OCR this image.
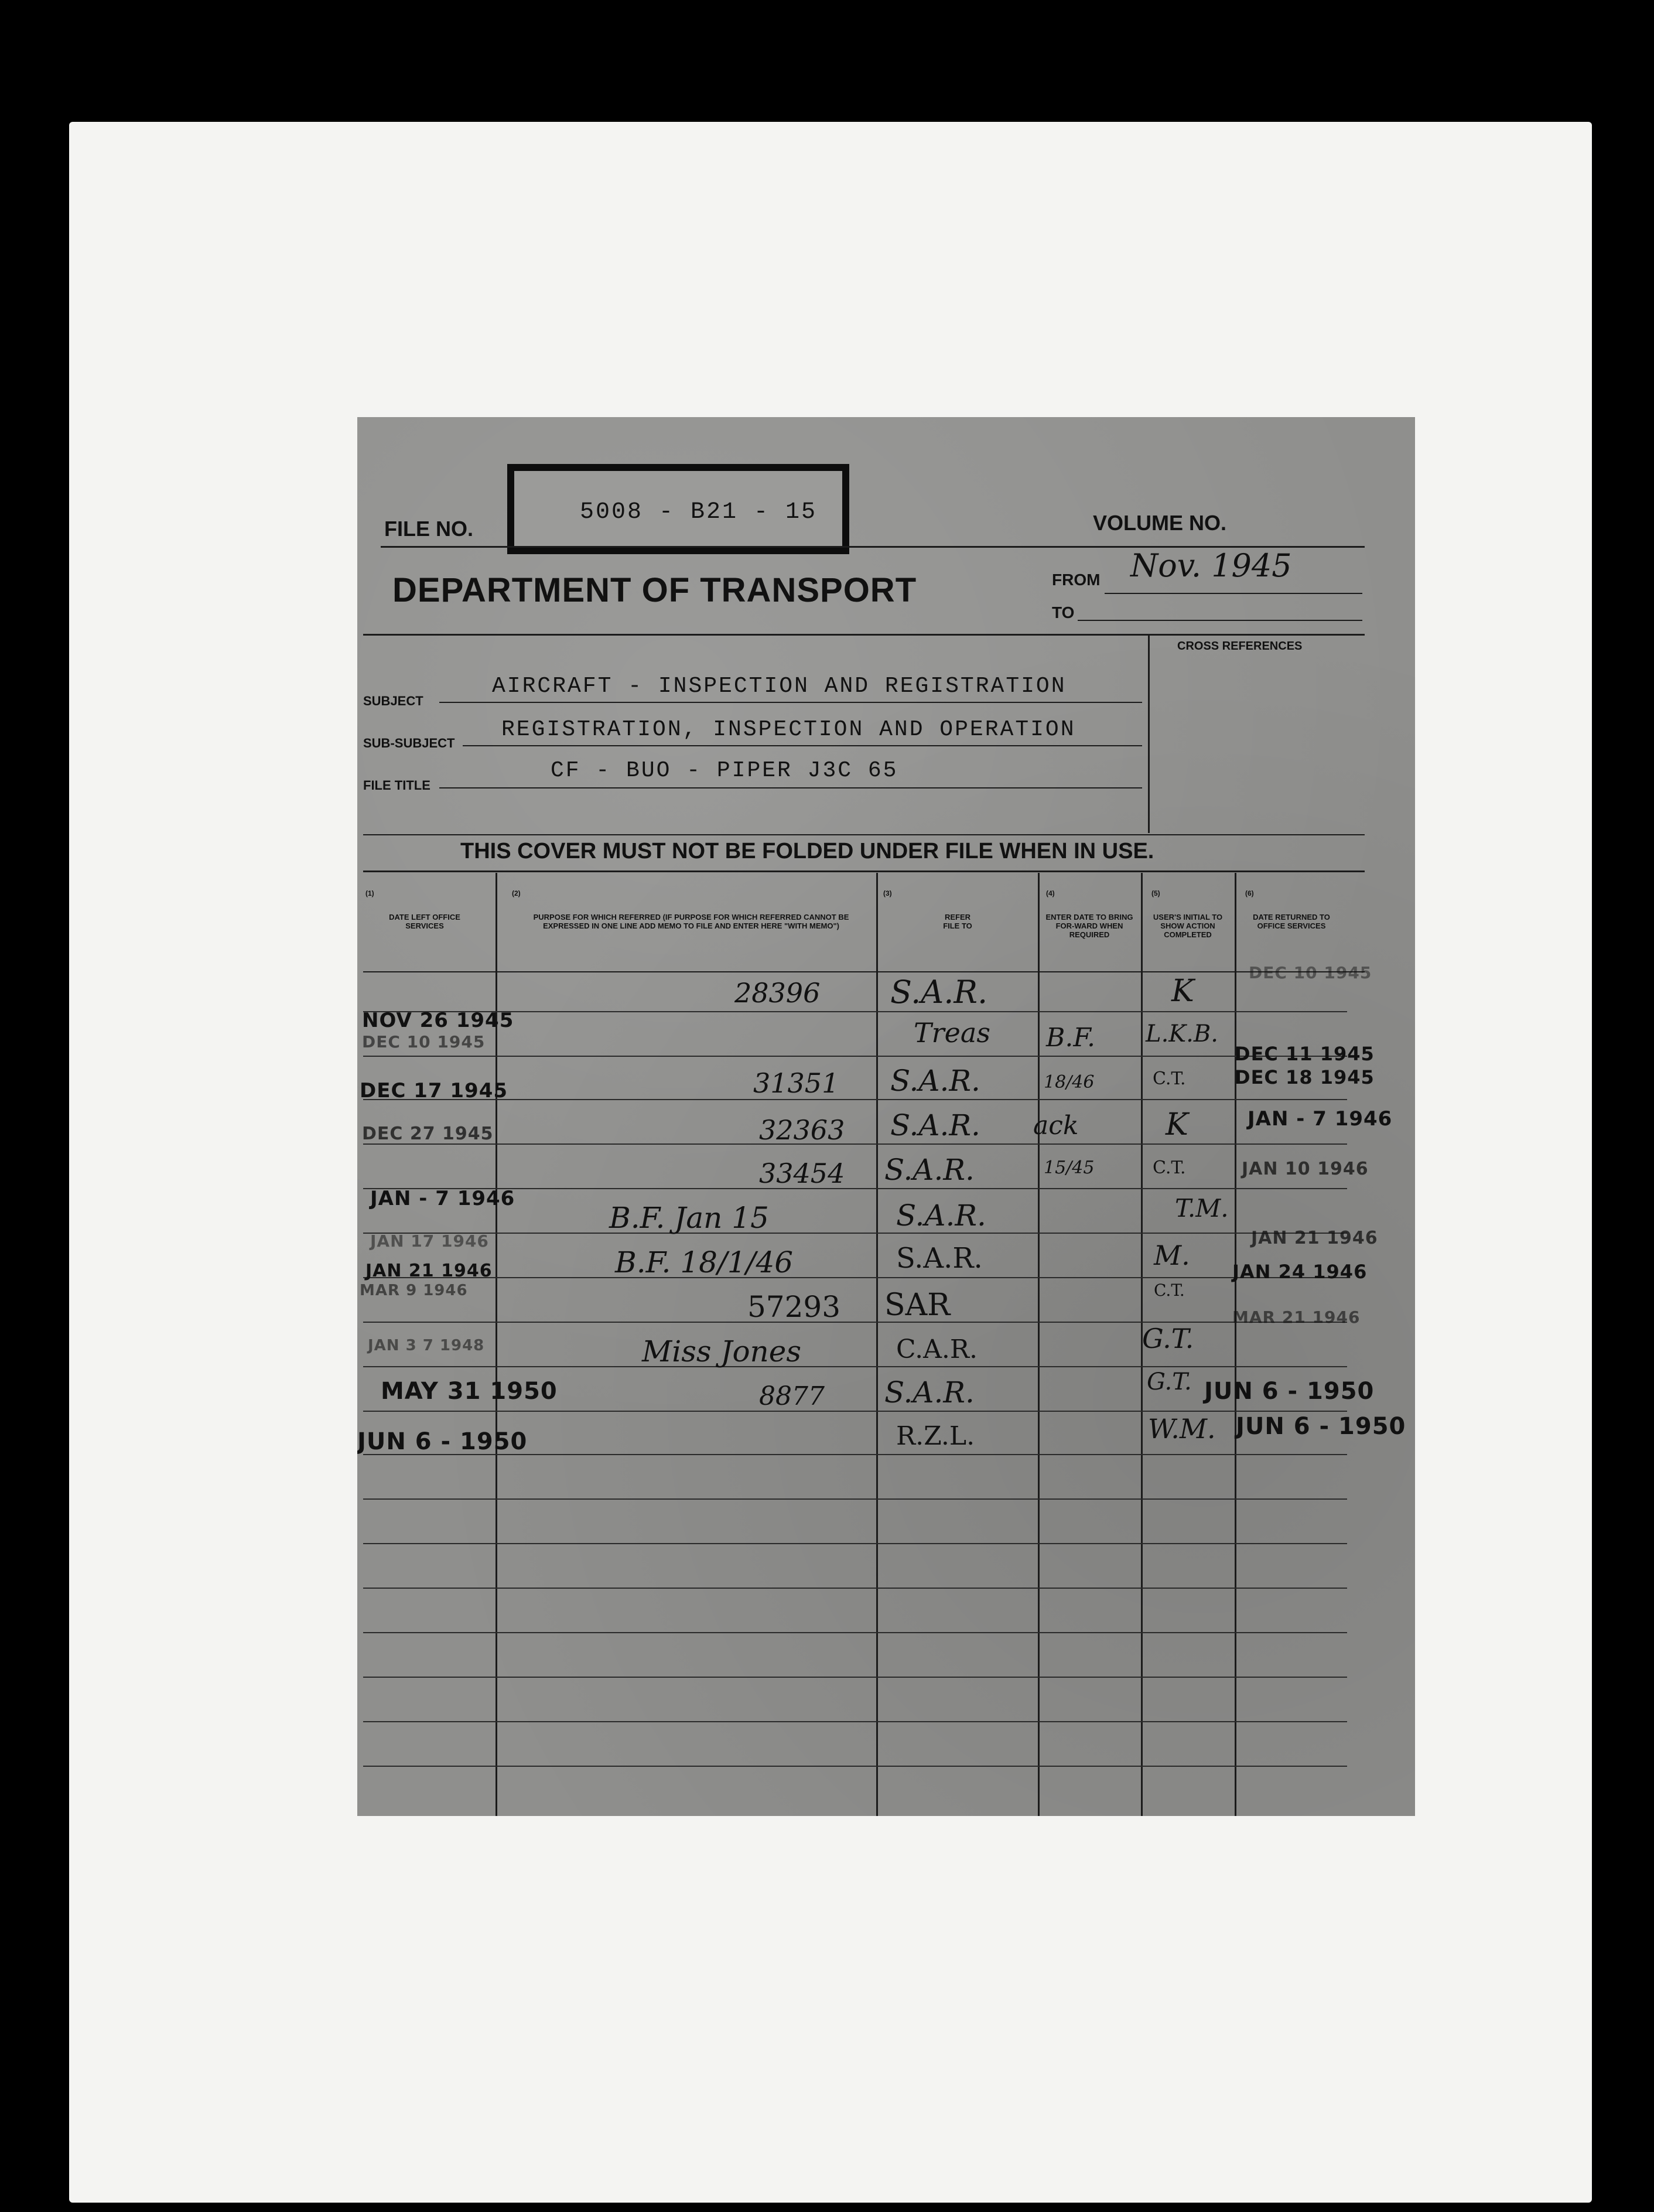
FILE NO.
5008 - B21 - 15	VOLUME NO.
DEPARTMENT OF TRANSPORT	FROM Nov. 1945
TO
CROSS REFERENCES
SUBJECT
AIRCRAFT - INSPECTION AND REGISTRATION
SUB-SUBJECT
REGISTRATION, INSPECTION AND OPERATION
FILE TITLE
CF - BUO - PIPER J3C 65
THIS COVER MUST NOT BE FOLDED UNDER FILE WHEN IN USE.
(1)
DATE LEFT OFFICE SERVICES
(2)
PURPOSE FOR WHICH REFERRED (IF PURPOSE FOR WHICH REFERRED CANNOT BE EXPRESSED IN ONE LINE ADD MEMO TO FILE AND ENTER HERE "WITH MEMO")
(3)
REFER FILE TO
(4)
ENTER DATE TO BRING FOR-WARD WHEN REQUIRED
(5)
USER'S INITIAL TO SHOW ACTION COMPLETED
(6)
DATE RETURNED TO OFFICE SERVICES
NOV 26 1945
DEC 10 1945
DEC 17 1945
DEC 27 1945
JAN - 7 1946
JAN 17 1946
JAN 21 1946
MAR 9 1946
JAN 3 7 1948
MAY 31 1950
JUN 6 - 1950
28396
31351
32363
33454
B.F. Jan 15
B.F. 18/1/46
57293
Miss Jones
8877
S.A.R.
Treas
S.A.R.
S.A.R.
S.A.R.
S.A.R.
S.A.R.
SAR
C.A.R.
S.A.R.
R.Z.L.
B.F.
18/46
ack
15/45
K
L.K.B.
C.T.
K
C.T.
T.M.
M.
C.T.
G.T.
G.T.
W.M.
DEC 10 1945
DEC 11 1945
DEC 18 1945
JAN - 7 1946
JAN 10 1946
JAN 21 1946
JAN 24 1946
MAR 21 1946
JUN 6 - 1950
JUN 6 - 1950
